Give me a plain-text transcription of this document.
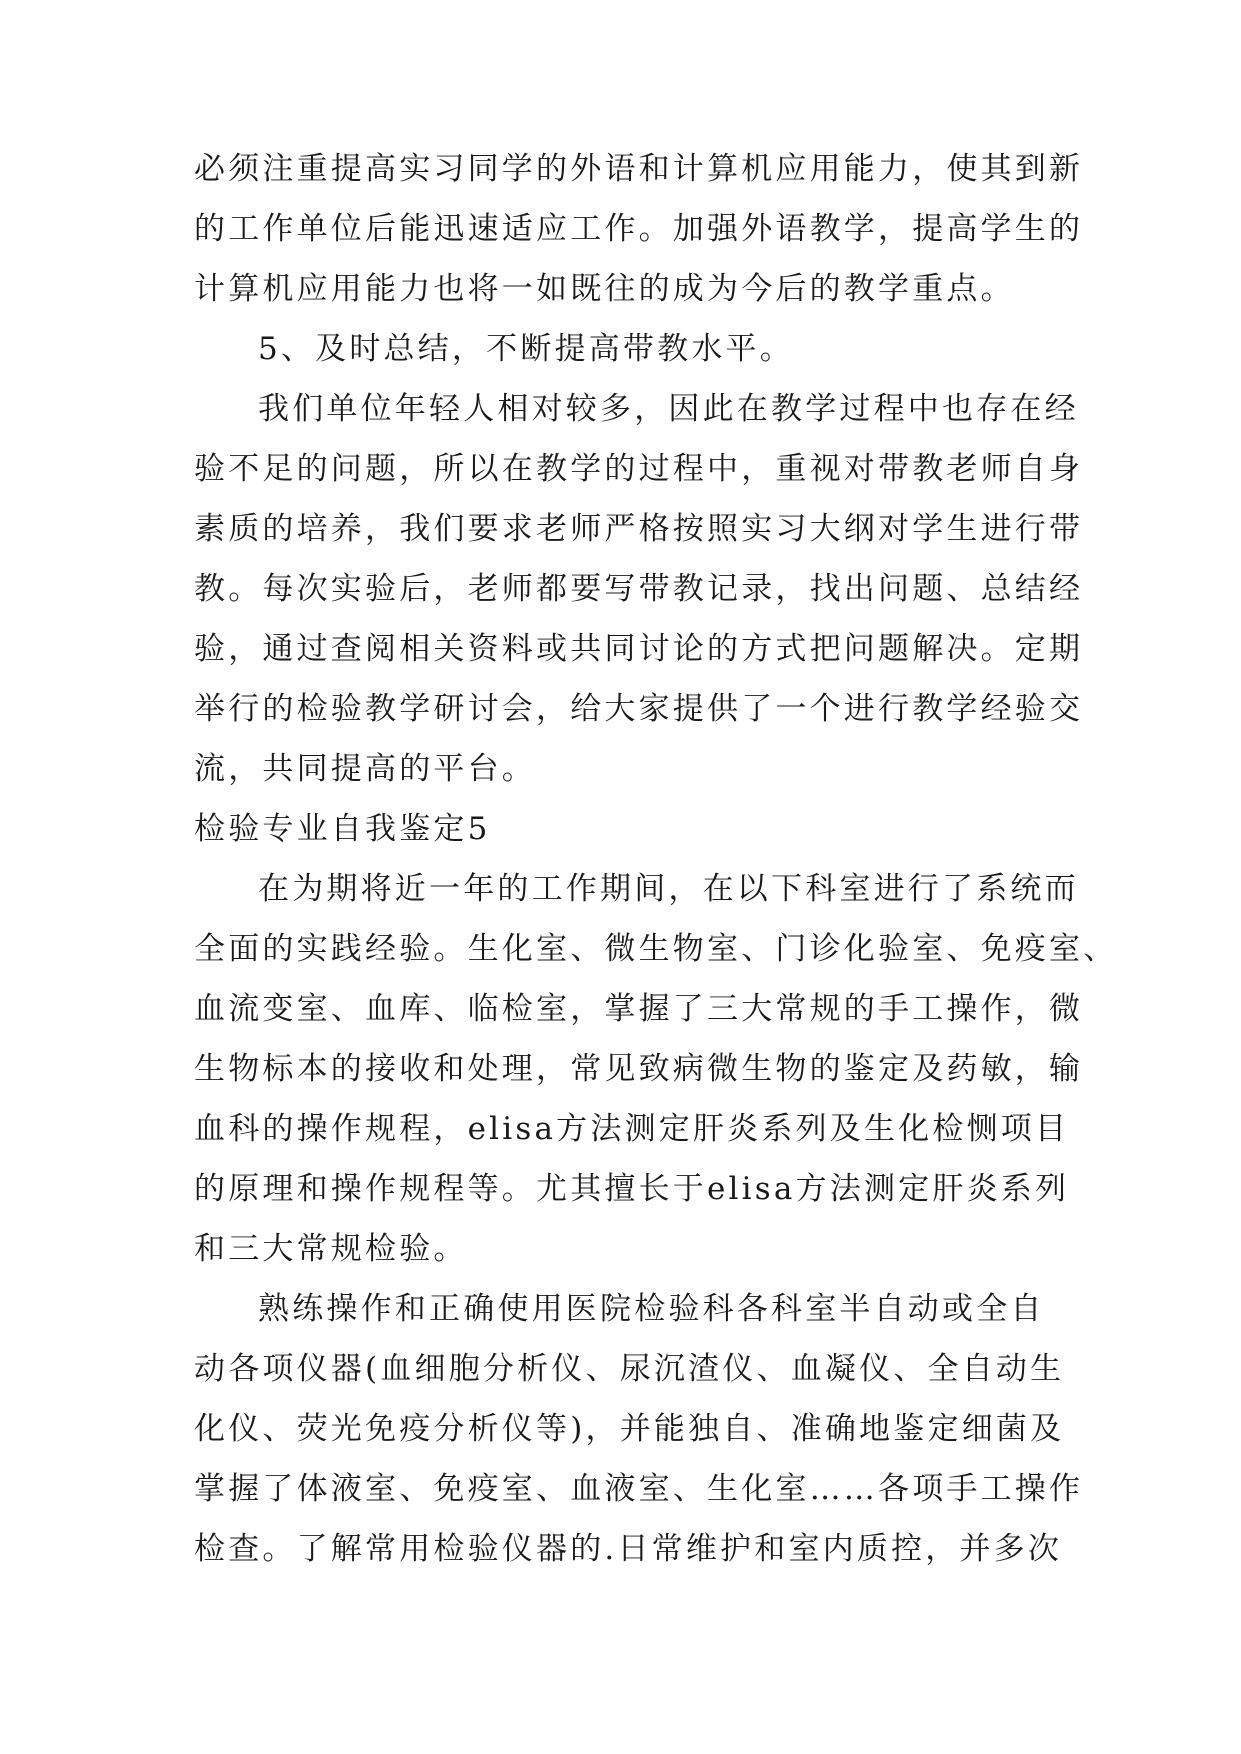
必须注重提高实习同学的外语和计算机应用能力，使其到新
的工作单位后能迅速适应工作。加强外语教学，提高学生的
计算机应用能力也将一如既往的成为今后的教学重点。
5、及时总结，不断提高带教水平。
我们单位年轻人相对较多，因此在教学过程中也存在经
验不足的问题，所以在教学的过程中，重视对带教老师自身
素质的培养，我们要求老师严格按照实习大纲对学生进行带
教。每次实验后，老师都要写带教记录，找出问题、总结经
验，通过查阅相关资料或共同讨论的方式把问题解决。定期
举行的检验教学研讨会，给大家提供了一个进行教学经验交
流，共同提高的平台。
检验专业自我鉴定5
在为期将近一年的工作期间，在以下科室进行了系统而
全面的实践经验。生化室、微生物室、门诊化验室、免疫室、
血流变室、血库、临检室，掌握了三大常规的手工操作，微
生物标本的接收和处理，常见致病微生物的鉴定及药敏，输
血科的操作规程，elisa方法测定肝炎系列及生化检恻项目
的原理和操作规程等。尤其擅长于elisa方法测定肝炎系列
和三大常规检验。
熟练操作和正确使用医院检验科各科室半自动或全自
动各项仪器(血细胞分析仪、尿沉渣仪、血凝仪、全自动生
化仪、荧光免疫分析仪等)，并能独自、准确地鉴定细菌及
掌握了体液室、免疫室、血液室、生化室……各项手工操作
检查。了解常用检验仪器的.日常维护和室内质控，并多次
